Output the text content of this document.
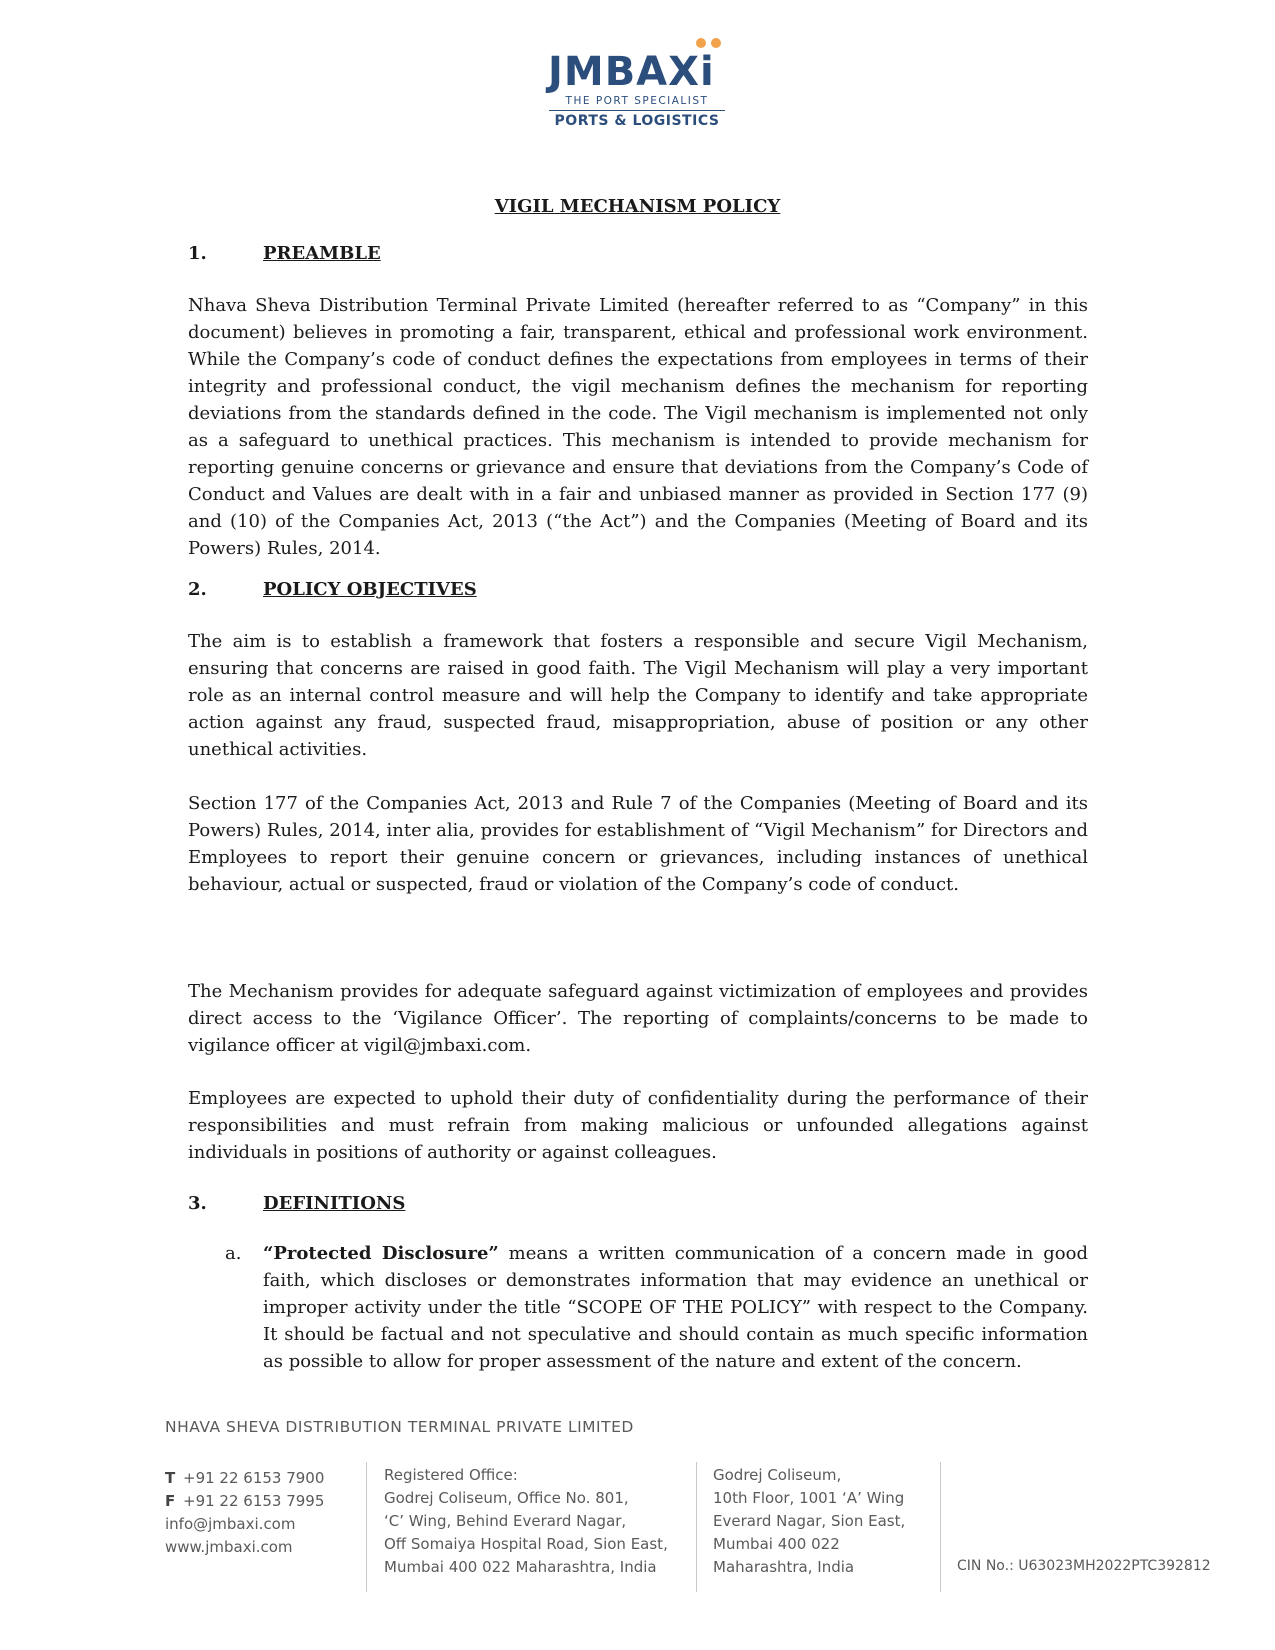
JMBAXi
THE PORT SPECIALIST
PORTS & LOGISTICS
VIGIL MECHANISM POLICY
1.	PREAMBLE

Nhava Sheva Distribution Terminal Private Limited (hereafter referred to as “Company” in this document) believes in promoting a fair, transparent, ethical and professional work environment. While the Company’s code of conduct defines the expectations from employees in terms of their integrity and professional conduct, the vigil mechanism defines the mechanism for reporting deviations from the standards defined in the code. The Vigil mechanism is implemented not only as a safeguard to unethical practices. This mechanism is intended to provide mechanism for reporting genuine concerns or grievance and ensure that deviations from the Company’s Code of Conduct and Values are dealt with in a fair and unbiased manner as provided in Section 177 (9) and (10) of the Companies Act, 2013 (“the Act”) and the Companies (Meeting of Board and its Powers) Rules, 2014.

2.	POLICY OBJECTIVES

The aim is to establish a framework that fosters a responsible and secure Vigil Mechanism, ensuring that concerns are raised in good faith. The Vigil Mechanism will play a very important role as an internal control measure and will help the Company to identify and take appropriate action against any fraud, suspected fraud, misappropriation, abuse of position or any other unethical activities.

Section 177 of the Companies Act, 2013 and Rule 7 of the Companies (Meeting of Board and its Powers) Rules, 2014, inter alia, provides for establishment of “Vigil Mechanism” for Directors and Employees to report their genuine concern or grievances, including instances of unethical behaviour, actual or suspected, fraud or violation of the Company’s code of conduct.

The Mechanism provides for adequate safeguard against victimization of employees and provides direct access to the ‘Vigilance Officer’. The reporting of complaints/concerns to be made to vigilance officer at vigil@jmbaxi.com.

Employees are expected to uphold their duty of confidentiality during the performance of their responsibilities and must refrain from making malicious or unfounded allegations against individuals in positions of authority or against colleagues.

3.	DEFINITIONS
a.	“Protected Disclosure” means a written communication of a concern made in good faith, which discloses or demonstrates information that may evidence an unethical or improper activity under the title “SCOPE OF THE POLICY” with respect to the Company. It should be factual and not speculative and should contain as much specific information as possible to allow for proper assessment of the nature and extent of the concern.
NHAVA SHEVA DISTRIBUTION TERMINAL PRIVATE LIMITED
T +91 22 6153 7900
F +91 22 6153 7995
info@jmbaxi.com
www.jmbaxi.com
Registered Office:
Godrej Coliseum, Office No. 801,
‘C’ Wing, Behind Everard Nagar,
Off Somaiya Hospital Road, Sion East,
Mumbai 400 022 Maharashtra, India
Godrej Coliseum,
10th Floor, 1001 ‘A’ Wing
Everard Nagar, Sion East,
Mumbai 400 022
Maharashtra, India	CIN No.: U63023MH2022PTC392812
